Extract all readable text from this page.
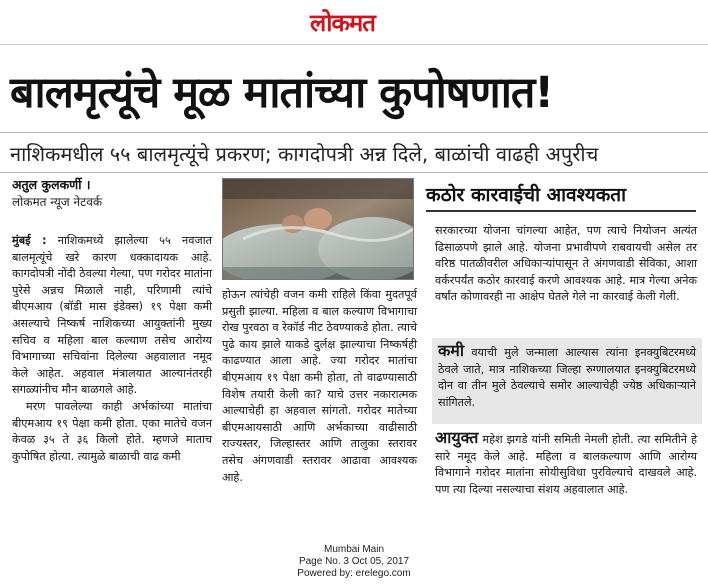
लोकमत
बालमृत्यूंचे मूळ मातांच्या कुपोषणात!
नाशिकमधील ५५ बालमृत्यूंचे प्रकरण; कागदोपत्री अन्न दिले, बाळांची वाढही अपुरीच
अतुल कुलकर्णी ।
लोकमत न्यूज नेटवर्क

मुंबई : नाशिकमध्ये झालेल्या ५५ नवजात बालमृत्यूंचे खरे कारण धक्कादायक आहे. कागदोपत्री नोंदी ठेवल्या गेल्या, पण गरोदर मातांना पुरेसे अन्नच मिळाले नाही, परिणामी त्यांचे बीएमआय (बॉडी मास इंडेक्स) १९ पेक्षा कमी असल्याचे निष्कर्ष नाशिकच्या आयुक्तांनी मुख्य सचिव व महिला बाल कल्याण तसेच आरोग्य विभागाच्या सचिवांना दिलेल्या अहवालात नमूद केले आहेत. अहवाल मंत्रालयात आल्यानंतरही सगळ्यांनीच मौन बाळगले आहे.

मरण पावलेल्या काही अर्भकांच्या मातांचा बीएमआय १९ पेक्षा कमी होता. एका मातेचे वजन केवळ ३५ ते ३६ किलो होते. म्हणजे माताच कुपोषित होत्या. त्यामुळे बाळाची वाढ कमी

होऊन त्यांचेही वजन कमी राहिले किंवा मुदतपूर्व प्रसुती झाल्या. महिला व बाल कल्याण विभागाचा रोख पुरवठा व रेकॉर्ड नीट ठेवण्याकडे होता. त्याचे पुढे काय झाले याकडे दुर्लक्ष झाल्याचा निष्कर्षही काढण्यात आला आहे. ज्या गरोदर मातांचा बीएमआय १९ पेक्षा कमी होता, तो वाढण्यासाठी विशेष तयारी केली का? याचे उत्तर नकारात्मक आल्याचेही हा अहवाल सांगतो. गरोदर मातेच्या बीएमआयसाठी आणि अर्भकाच्या वाढीसाठी राज्यस्तर, जिल्हास्तर आणि तालुका स्तरावर तसेच अंगणवाडी स्तरावर आढावा आवश्यक आहे.

कठोर कारवाईची आवश्यकता

सरकारच्या योजना चांगल्या आहेत, पण त्याचे नियोजन अत्यंत ढिसाळपणे झाले आहे. योजना प्रभावीपणे राबवायची असेल तर वरिष्ठ पातळीवरील अधिकाऱ्यांपासून ते अंगणवाडी सेविका, आशा वर्करपर्यंत कठोर कारवाई करणे आवश्यक आहे. मात्र गेल्या अनेक वर्षांत कोणावरही ना आक्षेप घेतले गेले ना कारवाई केली गेली.

कमी वयाची मुले जन्माला आल्यास त्यांना इनक्युबिटरमध्ये ठेवले जाते, मात्र नाशिकच्या जिल्हा रुग्णालयात इनक्युबिटरमध्ये दोन वा तीन मुले ठेवल्याचे समोर आल्याचेही ज्येष्ठ अधिकाऱ्याने सांगितले.

आयुक्त महेश झगडे यांनी समिती नेमली होती. त्या समितीने हे सारे नमूद केले आहे. महिला व बालकल्याण आणि आरोग्य विभागाने गरोदर मातांना सोयीसुविधा पुरविल्याचे दाखवले आहे. पण त्या दिल्या नसल्याचा संशय अहवालात आहे.

Mumbai Main
Page No. 3 Oct 05, 2017
Powered by: erelego.com
